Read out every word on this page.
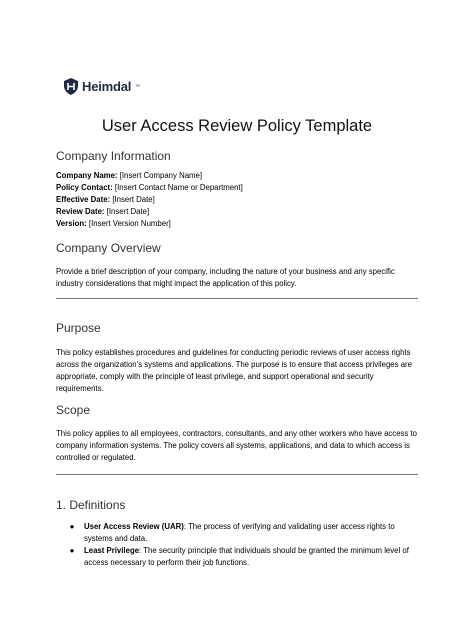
Heimdal ™
User Access Review Policy Template
Company Information
Company Name: [Insert Company Name]
Policy Contact: [Insert Contact Name or Department]
Effective Date: [Insert Date]
Review Date: [Insert Date]
Version: [Insert Version Number]
Company Overview
Provide a brief description of your company, including the nature of your business and any specific industry considerations that might impact the application of this policy.
Purpose
This policy establishes procedures and guidelines for conducting periodic reviews of user access rights across the organization’s systems and applications. The purpose is to ensure that access privileges are appropriate, comply with the principle of least privilege, and support operational and security requirements.
Scope
This policy applies to all employees, contractors, consultants, and any other workers who have access to company information systems. The policy covers all systems, applications, and data to which access is controlled or regulated.
1. Definitions
●	User Access Review (UAR): The process of verifying and validating user access rights to systems and data.
●	Least Privilege: The security principle that individuals should be granted the minimum level of access necessary to perform their job functions.
